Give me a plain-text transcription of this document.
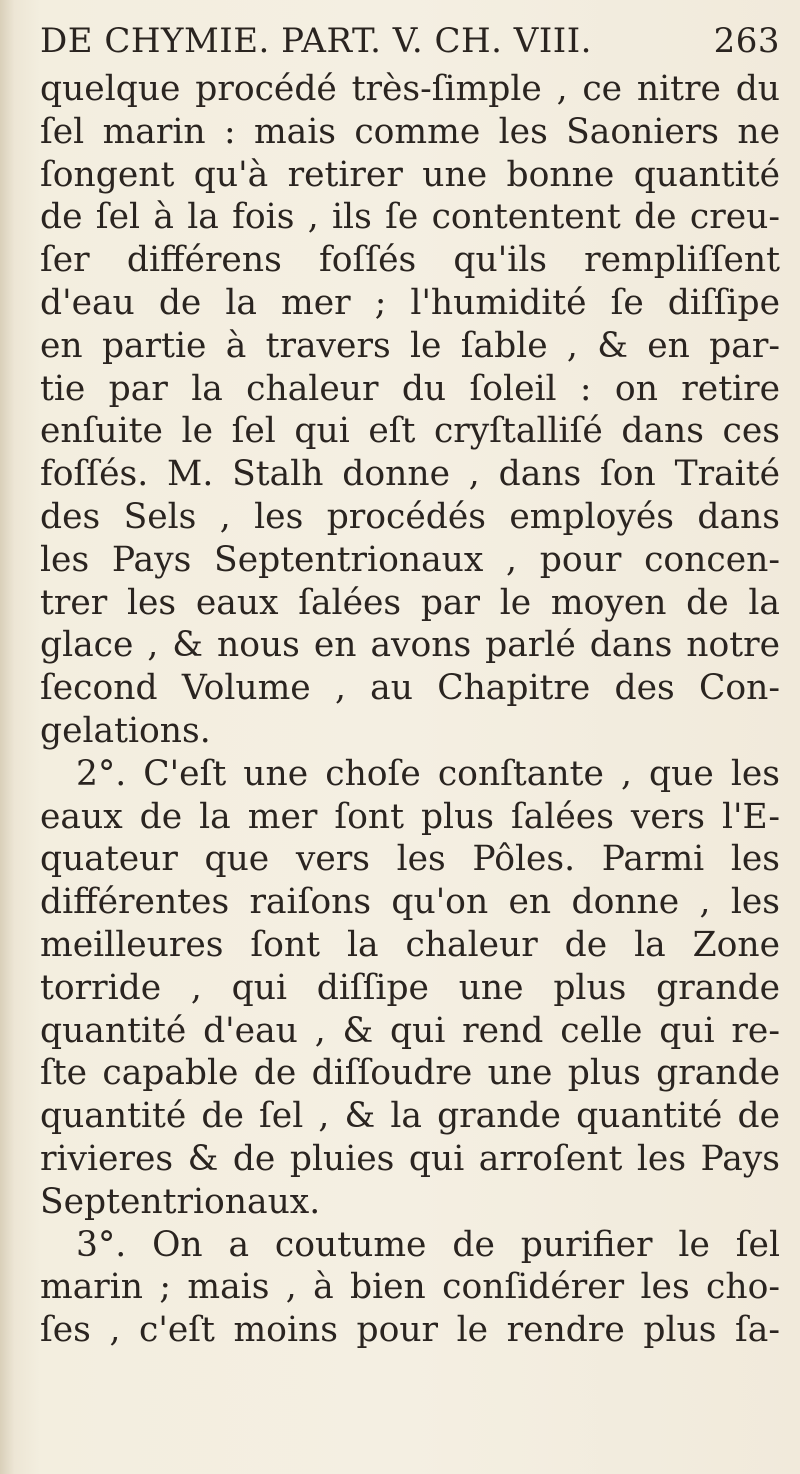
DE CHYMIE. PART. V. CH. VIII.	263
quelque procédé très-ſimple , ce nitre du
ſel marin : mais comme les Saoniers ne
ſongent qu'à retirer une bonne quantité
de ſel à la fois , ils ſe contentent de creu-
ſer différens foſſés qu'ils rempliſſent
d'eau de la mer ; l'humidité ſe diſſipe
en partie à travers le ſable , & en par-
tie par la chaleur du ſoleil : on retire
enſuite le ſel qui eſt cryſtalliſé dans ces
foſſés. M. Stalh donne , dans ſon Traité
des Sels , les procédés employés dans
les Pays Septentrionaux , pour concen-
trer les eaux ſalées par le moyen de la
glace , & nous en avons parlé dans notre
ſecond Volume , au Chapitre des Con-
gelations.
2°. C'eſt une choſe conſtante , que les
eaux de la mer ſont plus ſalées vers l'E-
quateur que vers les Pôles. Parmi les
différentes raiſons qu'on en donne , les
meilleures ſont la chaleur de la Zone
torride , qui diſſipe une plus grande
quantité d'eau , & qui rend celle qui re-
ſte capable de diſſoudre une plus grande
quantité de ſel , & la grande quantité de
rivieres & de pluies qui arroſent les Pays
Septentrionaux.
3°. On a coutume de purifier le ſel
marin ; mais , à bien conſidérer les cho-
ſes , c'eſt moins pour le rendre plus ſa-
